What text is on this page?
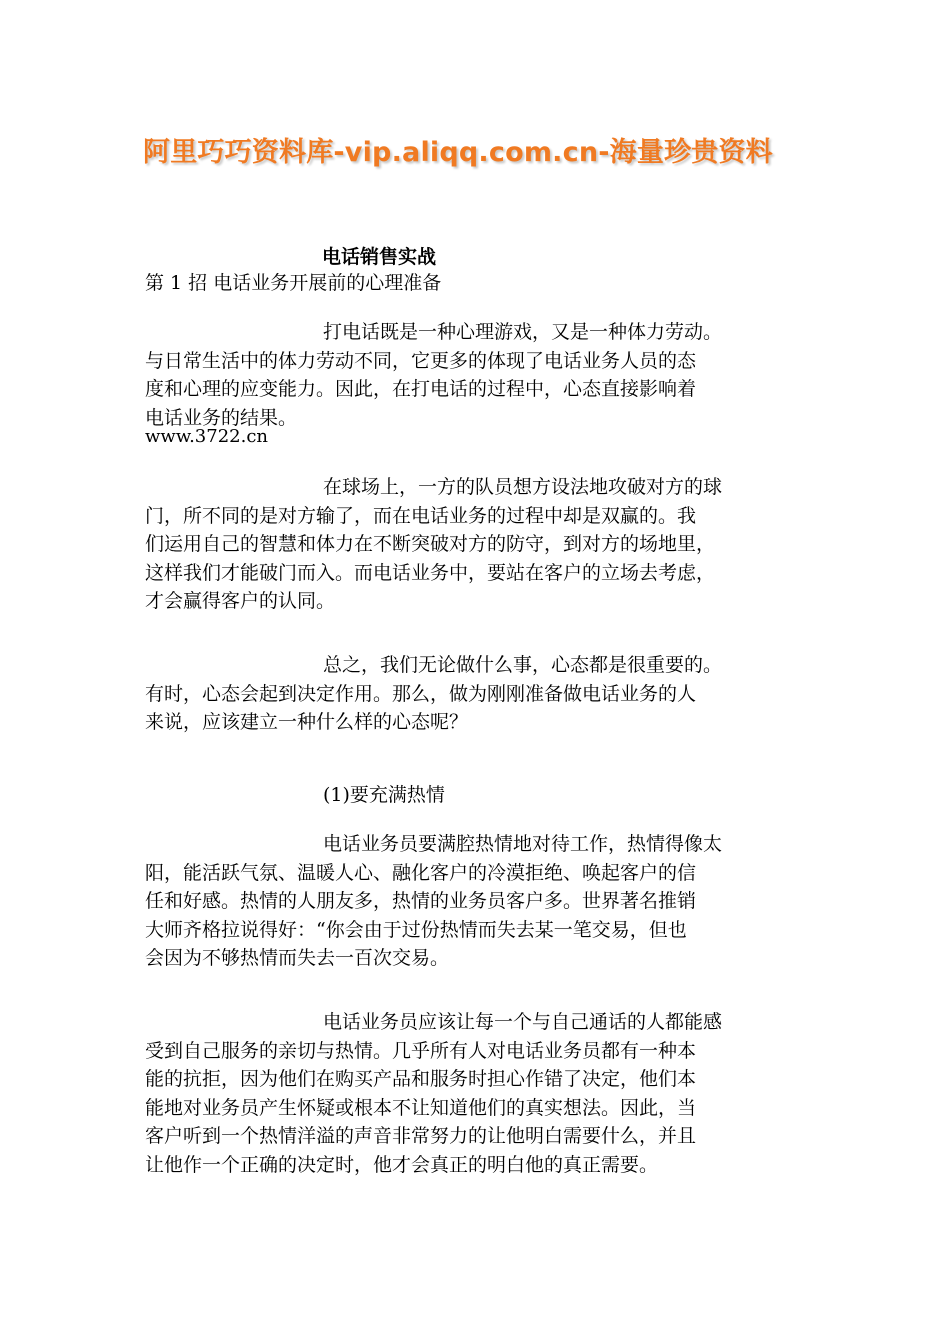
阿里巧巧资料库-vip.aliqq.com.cn-海量珍贵资料
电话销售实战
第 1 招 电话业务开展前的心理准备
打电话既是一种心理游戏，又是一种体力劳动。
与日常生活中的体力劳动不同，它更多的体现了电话业务人员的态
度和心理的应变能力。因此，在打电话的过程中，心态直接影响着
电话业务的结果。
www.3722.cn
在球场上，一方的队员想方设法地攻破对方的球
门，所不同的是对方输了，而在电话业务的过程中却是双赢的。我
们运用自己的智慧和体力在不断突破对方的防守，到对方的场地里，
这样我们才能破门而入。而电话业务中，要站在客户的立场去考虑，
才会赢得客户的认同。
总之，我们无论做什么事，心态都是很重要的。
有时，心态会起到决定作用。那么，做为刚刚准备做电话业务的人
来说，应该建立一种什么样的心态呢？
(1)要充满热情
电话业务员要满腔热情地对待工作，热情得像太
阳，能活跃气氛、温暖人心、融化客户的冷漠拒绝、唤起客户的信
任和好感。热情的人朋友多，热情的业务员客户多。世界著名推销
大师齐格拉说得好：“你会由于过份热情而失去某一笔交易，但也
会因为不够热情而失去一百次交易。
电话业务员应该让每一个与自己通话的人都能感
受到自己服务的亲切与热情。几乎所有人对电话业务员都有一种本
能的抗拒，因为他们在购买产品和服务时担心作错了决定，他们本
能地对业务员产生怀疑或根本不让知道他们的真实想法。因此，当
客户听到一个热情洋溢的声音非常努力的让他明白需要什么，并且
让他作一个正确的决定时，他才会真正的明白他的真正需要。
